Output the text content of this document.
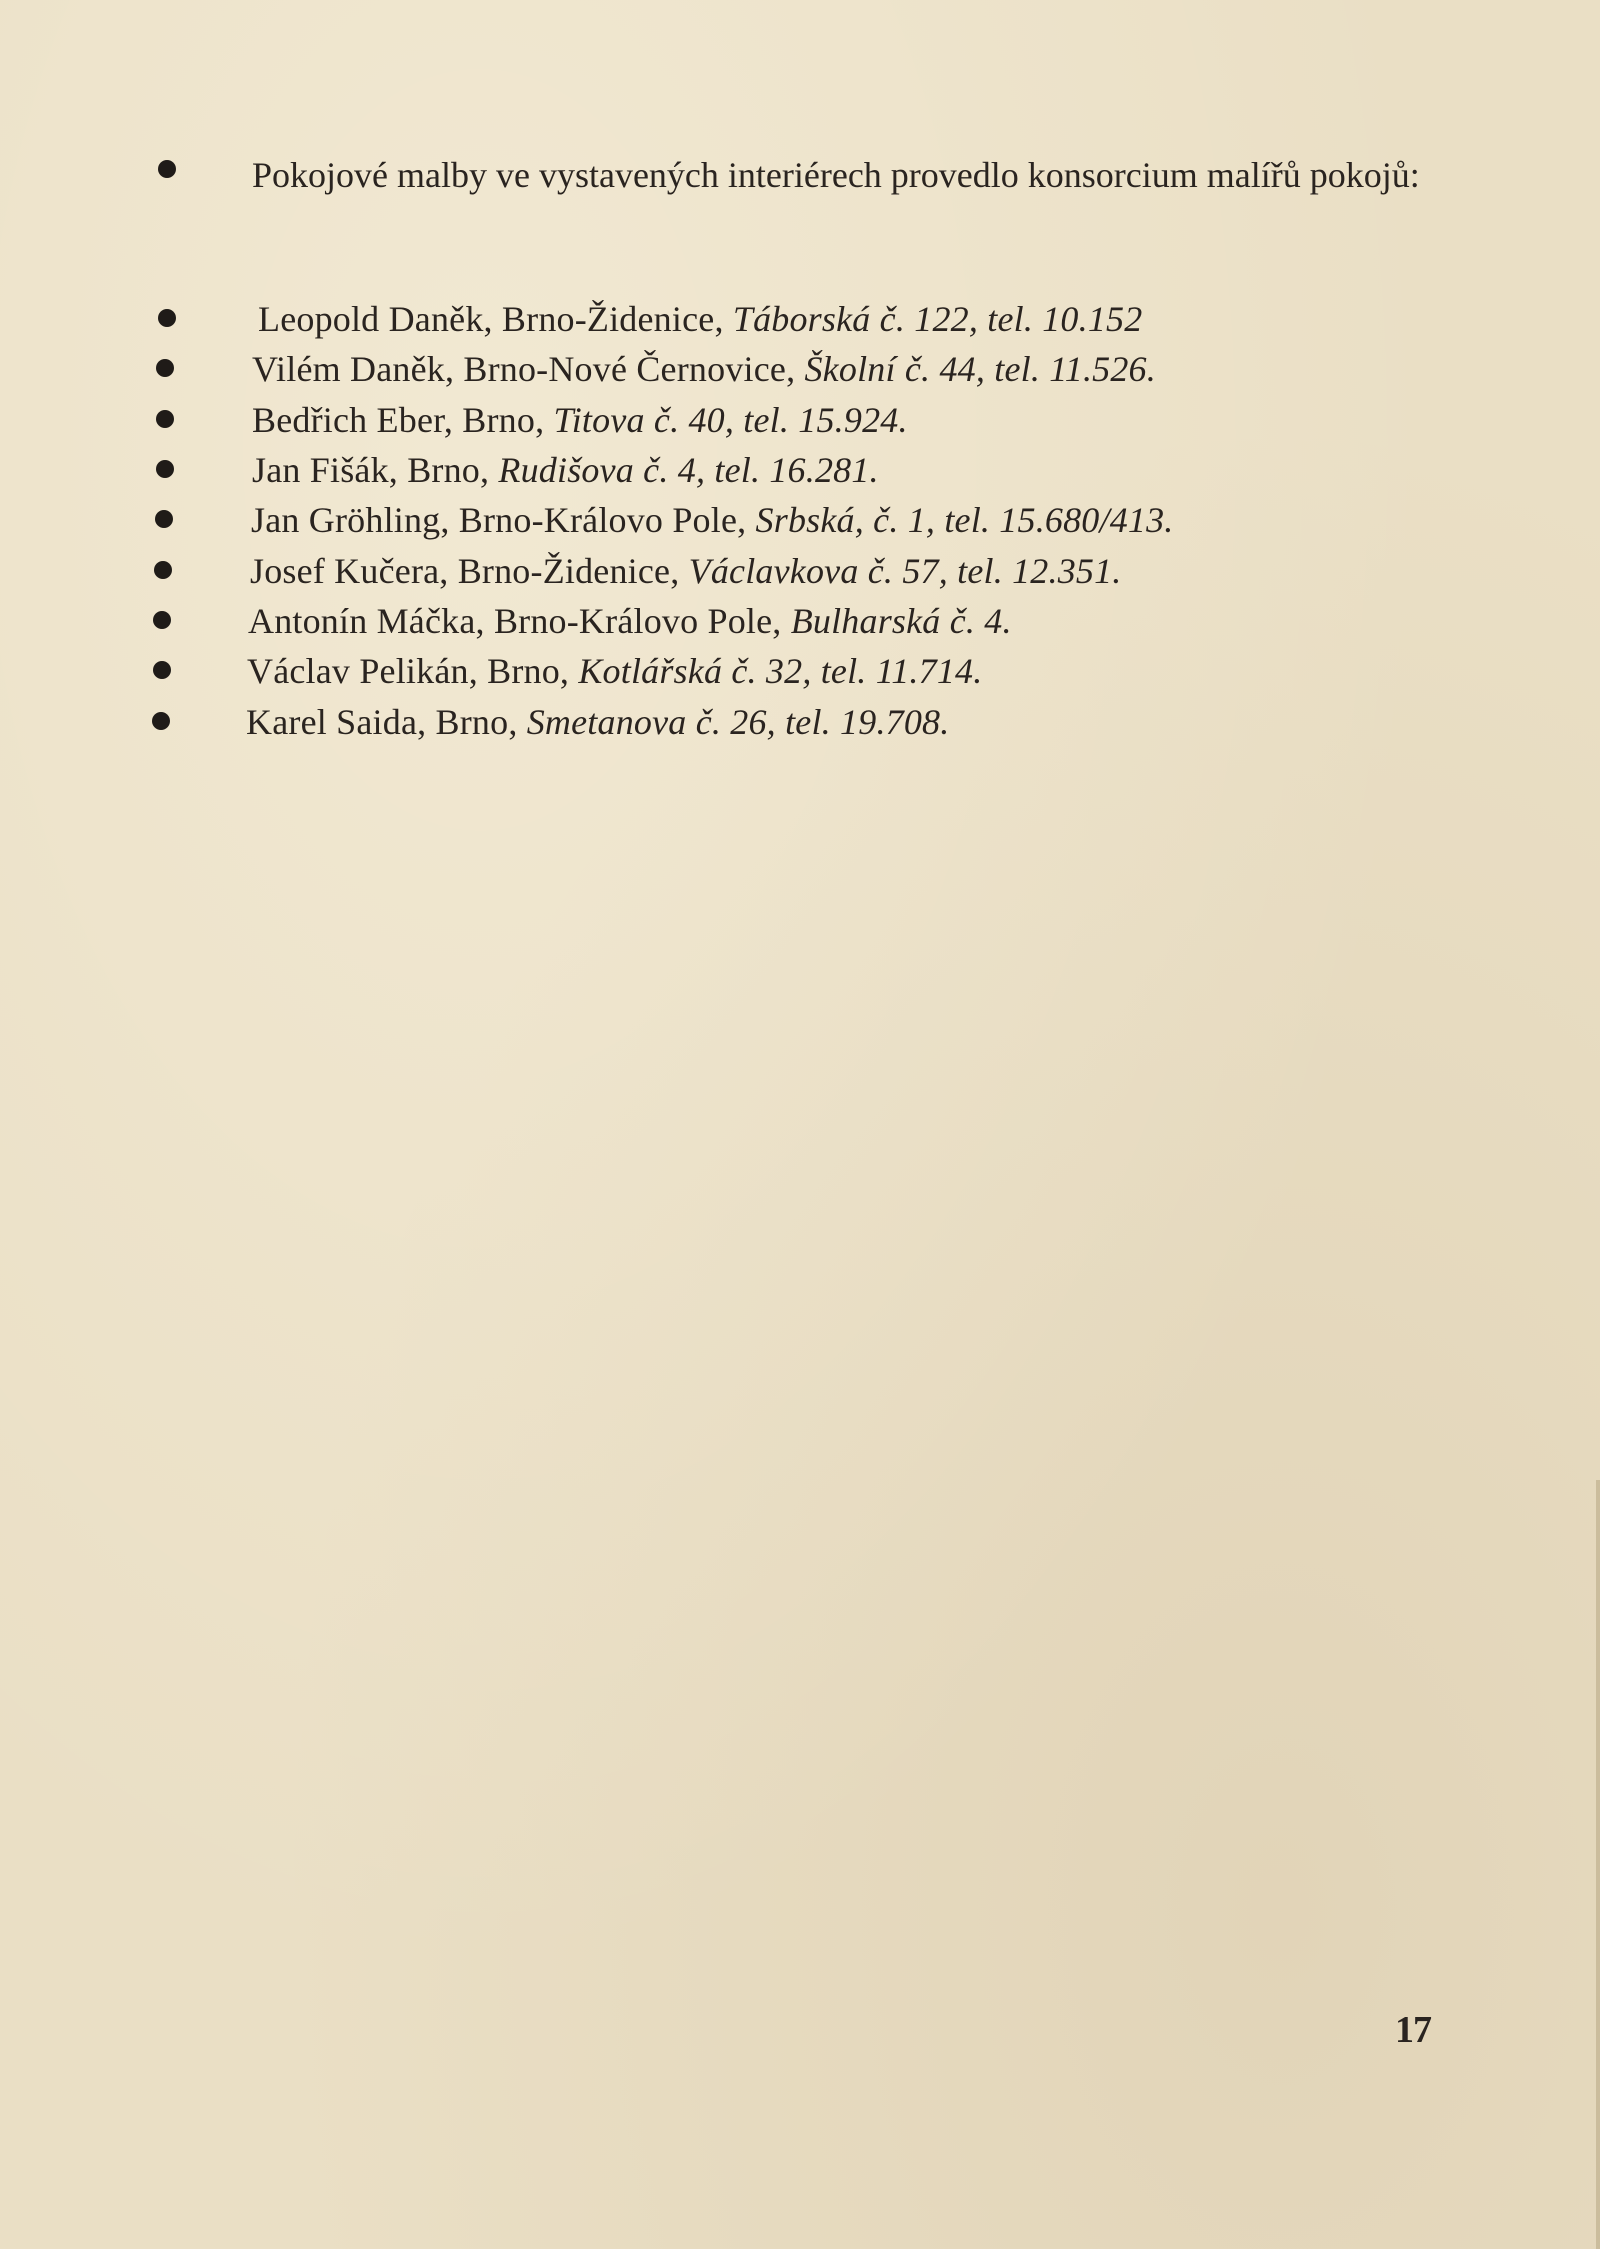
Pokojové malby ve vystavených interiérech provedlo konsorcium malířů pokojů:
Leopold Daněk, Brno-Židenice, Táborská č. 122, tel. 10.152
Vilém Daněk, Brno-Nové Černovice, Školní č. 44, tel. 11.526.
Bedřich Eber, Brno, Titova č. 40, tel. 15.924.
Jan Fišák, Brno, Rudišova č. 4, tel. 16.281.
Jan Gröhling, Brno-Královo Pole, Srbská, č. 1, tel. 15.680/413.
Josef Kučera, Brno-Židenice, Václavkova č. 57, tel. 12.351.
Antonín Máčka, Brno-Královo Pole, Bulharská č. 4.
Václav Pelikán, Brno, Kotlářská č. 32, tel. 11.714.
Karel Saida, Brno, Smetanova č. 26, tel. 19.708.
17
